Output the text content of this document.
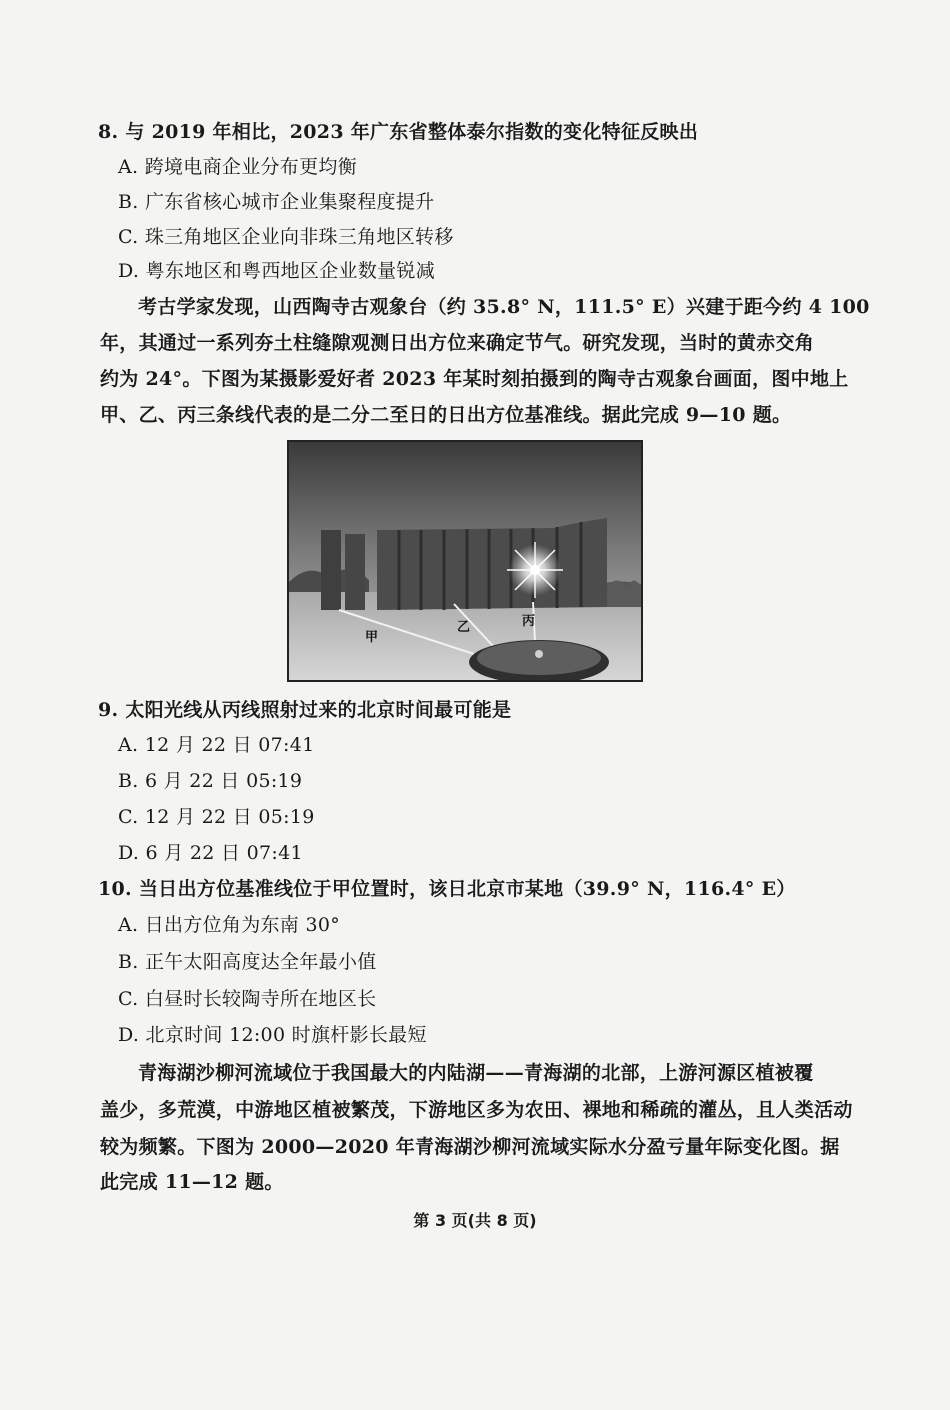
8. 与 2019 年相比，2023 年广东省整体泰尔指数的变化特征反映出
A. 跨境电商企业分布更均衡
B. 广东省核心城市企业集聚程度提升
C. 珠三角地区企业向非珠三角地区转移
D. 粤东地区和粤西地区企业数量锐减
考古学家发现，山西陶寺古观象台（约 35.8° N，111.5° E）兴建于距今约 4 100
年，其通过一系列夯土柱缝隙观测日出方位来确定节气。研究发现，当时的黄赤交角
约为 24°。下图为某摄影爱好者 2023 年某时刻拍摄到的陶寺古观象台画面，图中地上
甲、乙、丙三条线代表的是二分二至日的日出方位基准线。据此完成 9—10 题。
甲
乙	丙
9. 太阳光线从丙线照射过来的北京时间最可能是
A. 12 月 22 日 07:41
B. 6 月 22 日 05:19
C. 12 月 22 日 05:19
D. 6 月 22 日 07:41
10. 当日出方位基准线位于甲位置时，该日北京市某地（39.9° N，116.4° E）
A. 日出方位角为东南 30°
B. 正午太阳高度达全年最小值
C. 白昼时长较陶寺所在地区长
D. 北京时间 12:00 时旗杆影长最短
青海湖沙柳河流域位于我国最大的内陆湖——青海湖的北部，上游河源区植被覆
盖少，多荒漠，中游地区植被繁茂，下游地区多为农田、裸地和稀疏的灌丛，且人类活动
较为频繁。下图为 2000—2020 年青海湖沙柳河流域实际水分盈亏量年际变化图。据
此完成 11—12 题。
第 3 页(共 8 页)
